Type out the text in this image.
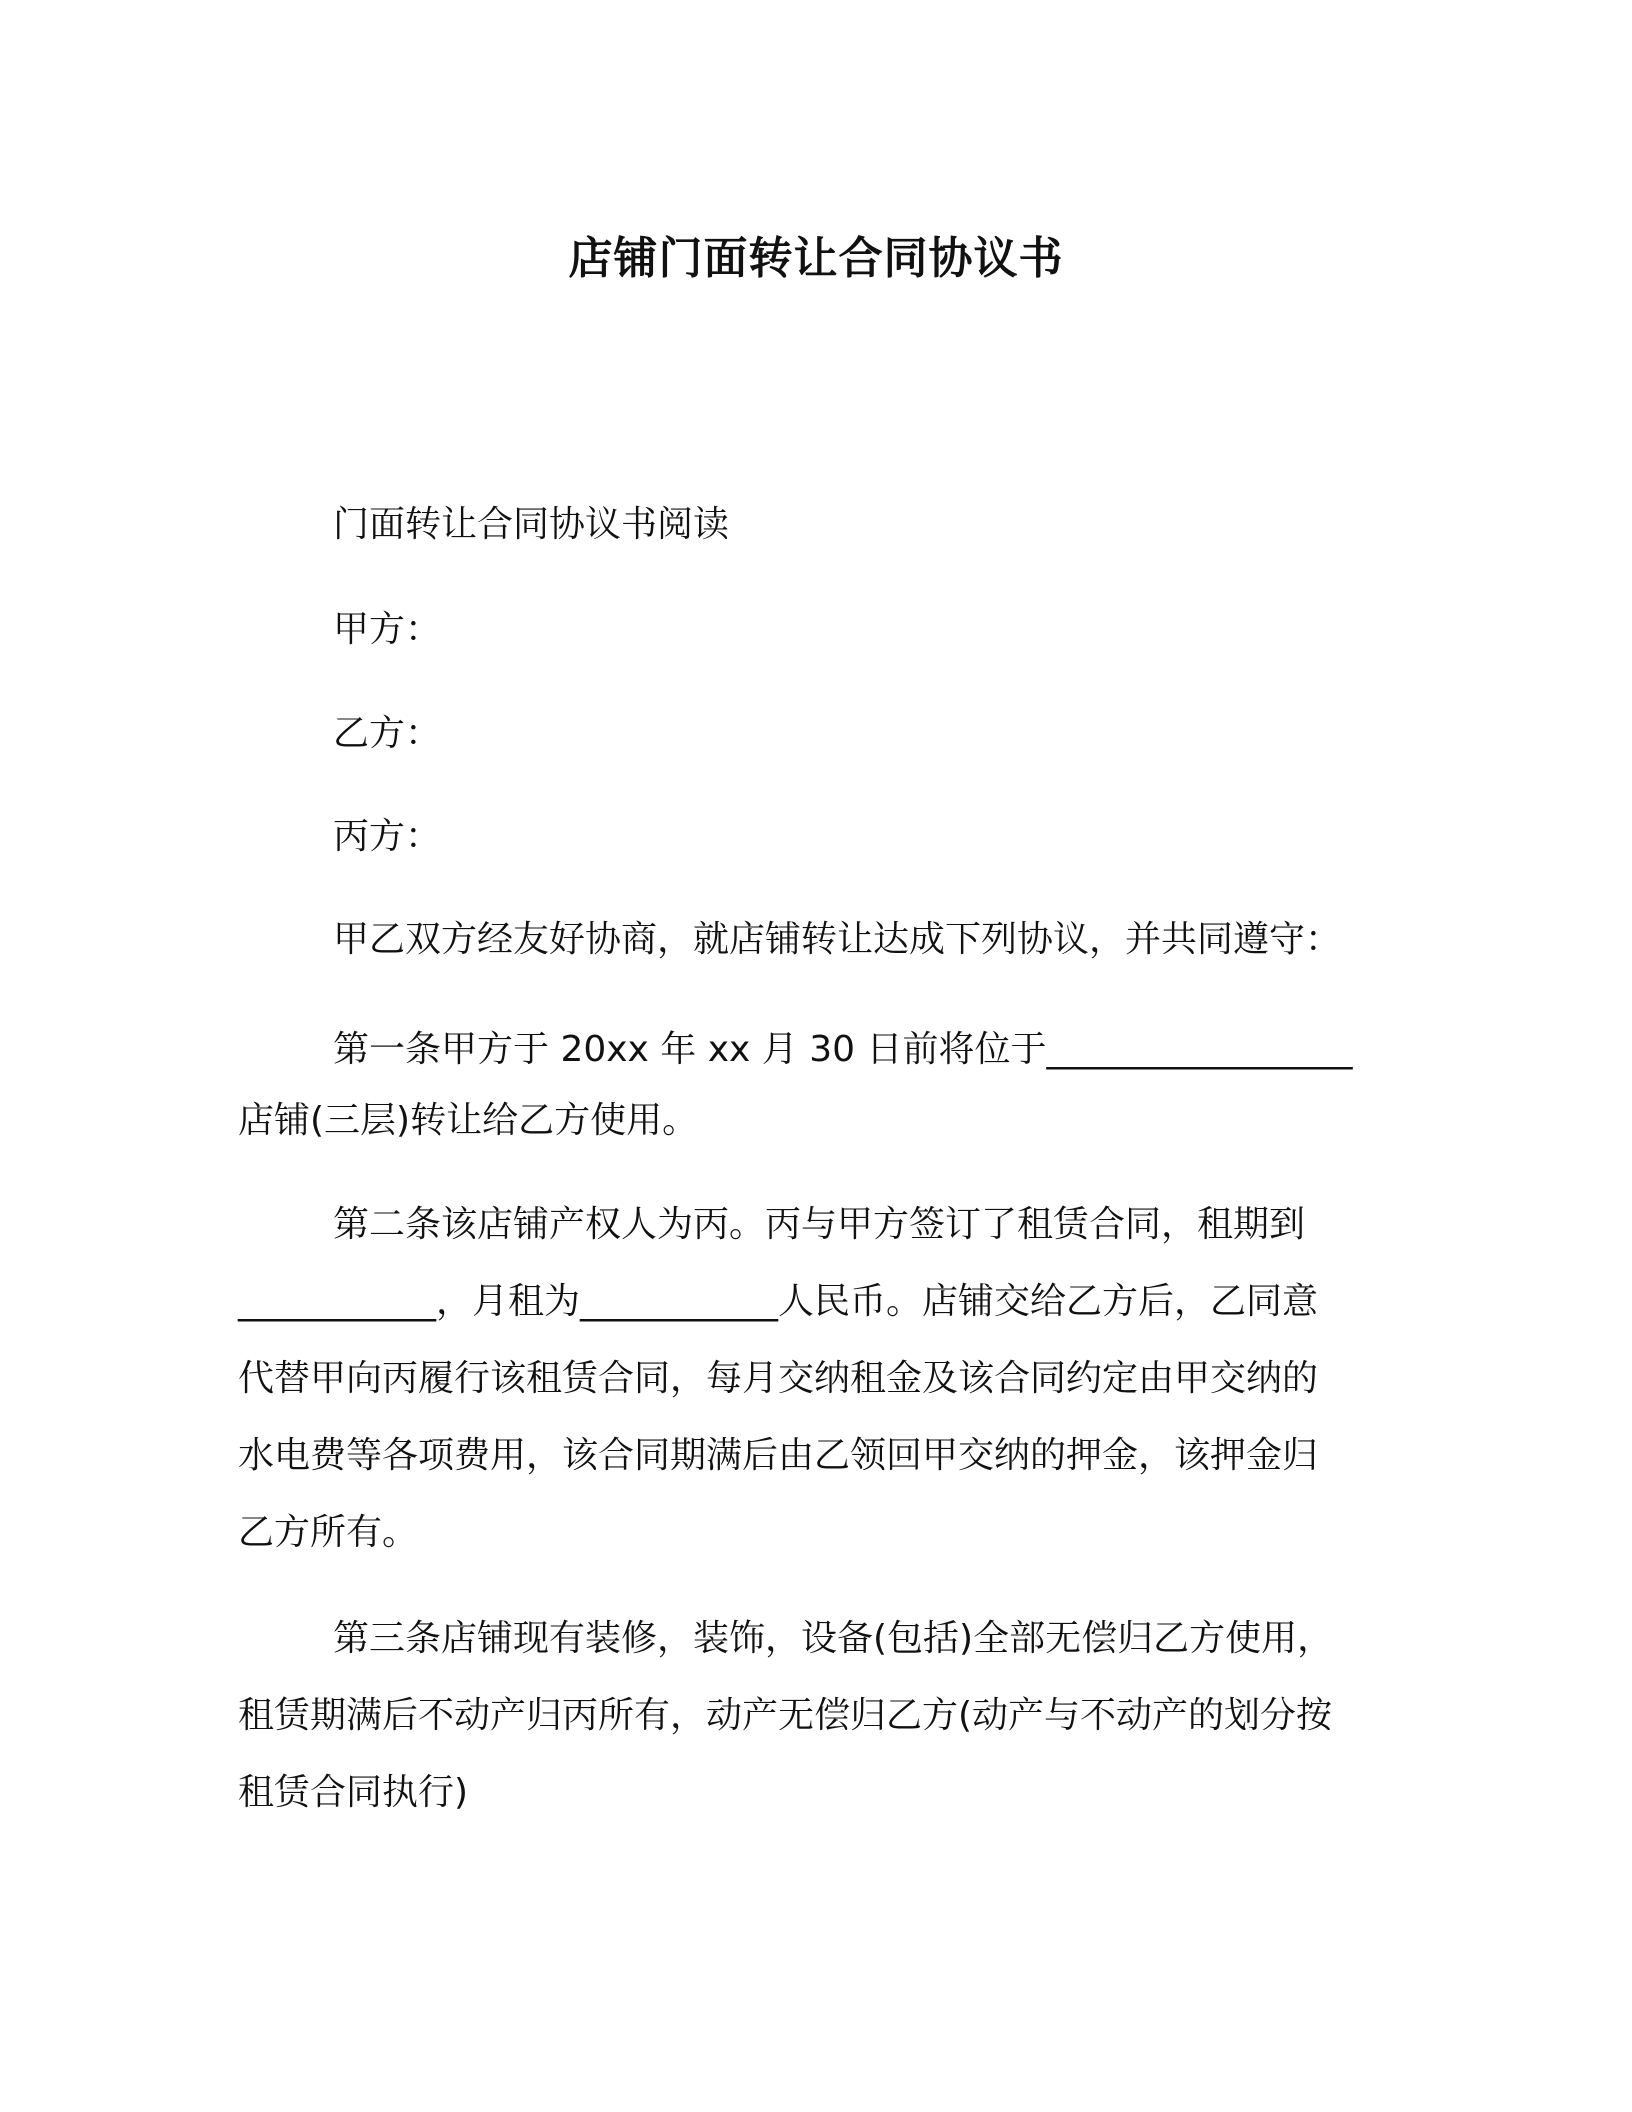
店铺门面转让合同协议书
门面转让合同协议书阅读
甲方：
乙方：
丙方：
甲乙双方经友好协商，就店铺转让达成下列协议，并共同遵守：
第一条甲方于 20xx 年 xx 月 30 日前将位于_________________
店铺(三层)转让给乙方使用。
第二条该店铺产权人为丙。丙与甲方签订了租赁合同，租期到
___________，月租为___________人民币。店铺交给乙方后，乙同意
代替甲向丙履行该租赁合同，每月交纳租金及该合同约定由甲交纳的
水电费等各项费用，该合同期满后由乙领回甲交纳的押金，该押金归
乙方所有。
第三条店铺现有装修，装饰，设备(包括)全部无偿归乙方使用，
租赁期满后不动产归丙所有，动产无偿归乙方(动产与不动产的划分按
租赁合同执行)
